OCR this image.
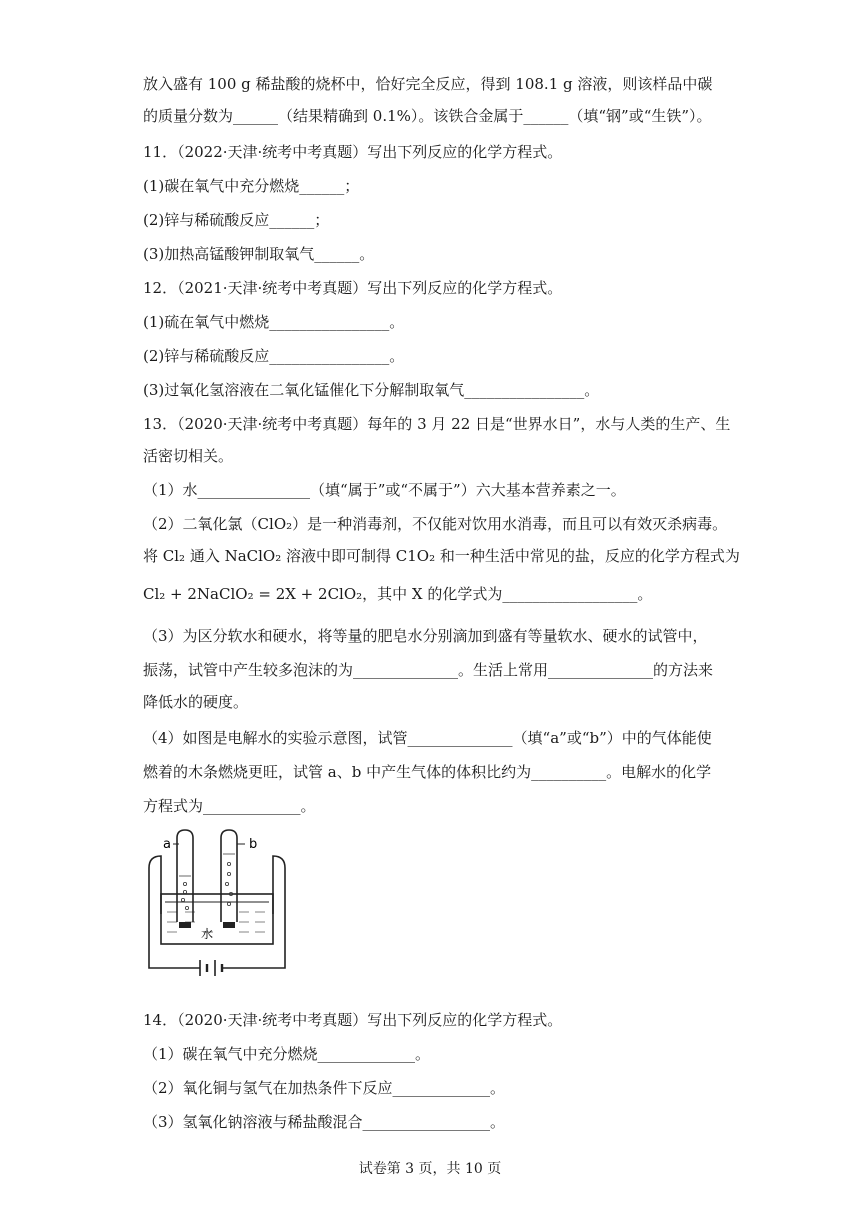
放入盛有 100 g 稀盐酸的烧杯中，恰好完全反应，得到 108.1 g 溶液，则该样品中碳
的质量分数为______（结果精确到 0.1%）。该铁合金属于______（填“钢”或“生铁”）。
11．（2022·天津·统考中考真题）写出下列反应的化学方程式。
(1)碳在氧气中充分燃烧______；
(2)锌与稀硫酸反应______；
(3)加热高锰酸钾制取氧气______。
12．（2021·天津·统考中考真题）写出下列反应的化学方程式。
(1)硫在氧气中燃烧________________。
(2)锌与稀硫酸反应________________。
(3)过氧化氢溶液在二氧化锰催化下分解制取氧气________________。
13．（2020·天津·统考中考真题）每年的 3 月 22 日是“世界水日”，水与人类的生产、生
活密切相关。
（1）水_______________（填“属于”或“不属于”）六大基本营养素之一。
（2）二氧化氯（ClO₂）是一种消毒剂，不仅能对饮用水消毒，而且可以有效灭杀病毒。
将 Cl₂ 通入 NaClO₂ 溶液中即可制得 C1O₂ 和一种生活中常见的盐，反应的化学方程式为
Cl₂ + 2NaClO₂ = 2X + 2ClO₂，其中 X 的化学式为__________________。
（3）为区分软水和硬水，将等量的肥皂水分别滴加到盛有等量软水、硬水的试管中，
振荡，试管中产生较多泡沫的为______________。生活上常用______________的方法来
降低水的硬度。
（4）如图是电解水的实验示意图，试管______________（填“a”或“b”）中的气体能使
燃着的木条燃烧更旺，试管 a、b 中产生气体的体积比约为__________。电解水的化学
方程式为_____________。
a	b
水
14．（2020·天津·统考中考真题）写出下列反应的化学方程式。
（1）碳在氧气中充分燃烧_____________。
（2）氧化铜与氢气在加热条件下反应_____________。
（3）氢氧化钠溶液与稀盐酸混合_________________。
试卷第 3 页，共 10 页
